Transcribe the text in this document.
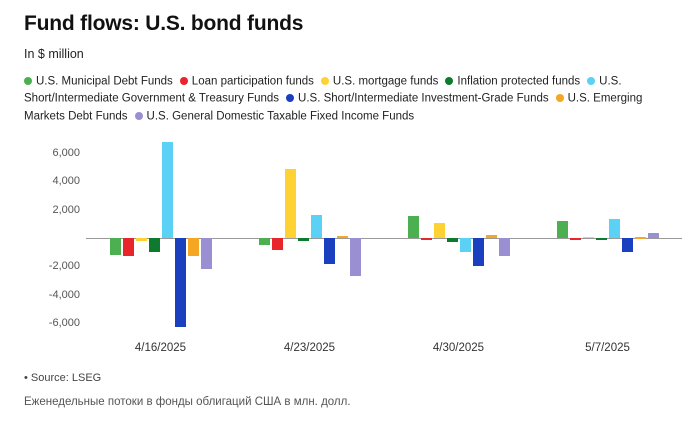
Fund flows: U.S. bond funds
In $ million
U.S. Municipal Debt Funds Loan participation funds U.S. mortgage funds Inflation protected funds U.S. Short/Intermediate Government & Treasury Funds U.S. Short/Intermediate Investment-Grade Funds U.S. Emerging Markets Debt Funds U.S. General Domestic Taxable Fixed Income Funds
-6,000
-4,000
-2,000
2,000
4,000
6,000
4/16/2025	4/23/2025	4/30/2025	5/7/2025
• Source: LSEG
Еженедельные потоки в фонды облигаций США в млн. долл.
